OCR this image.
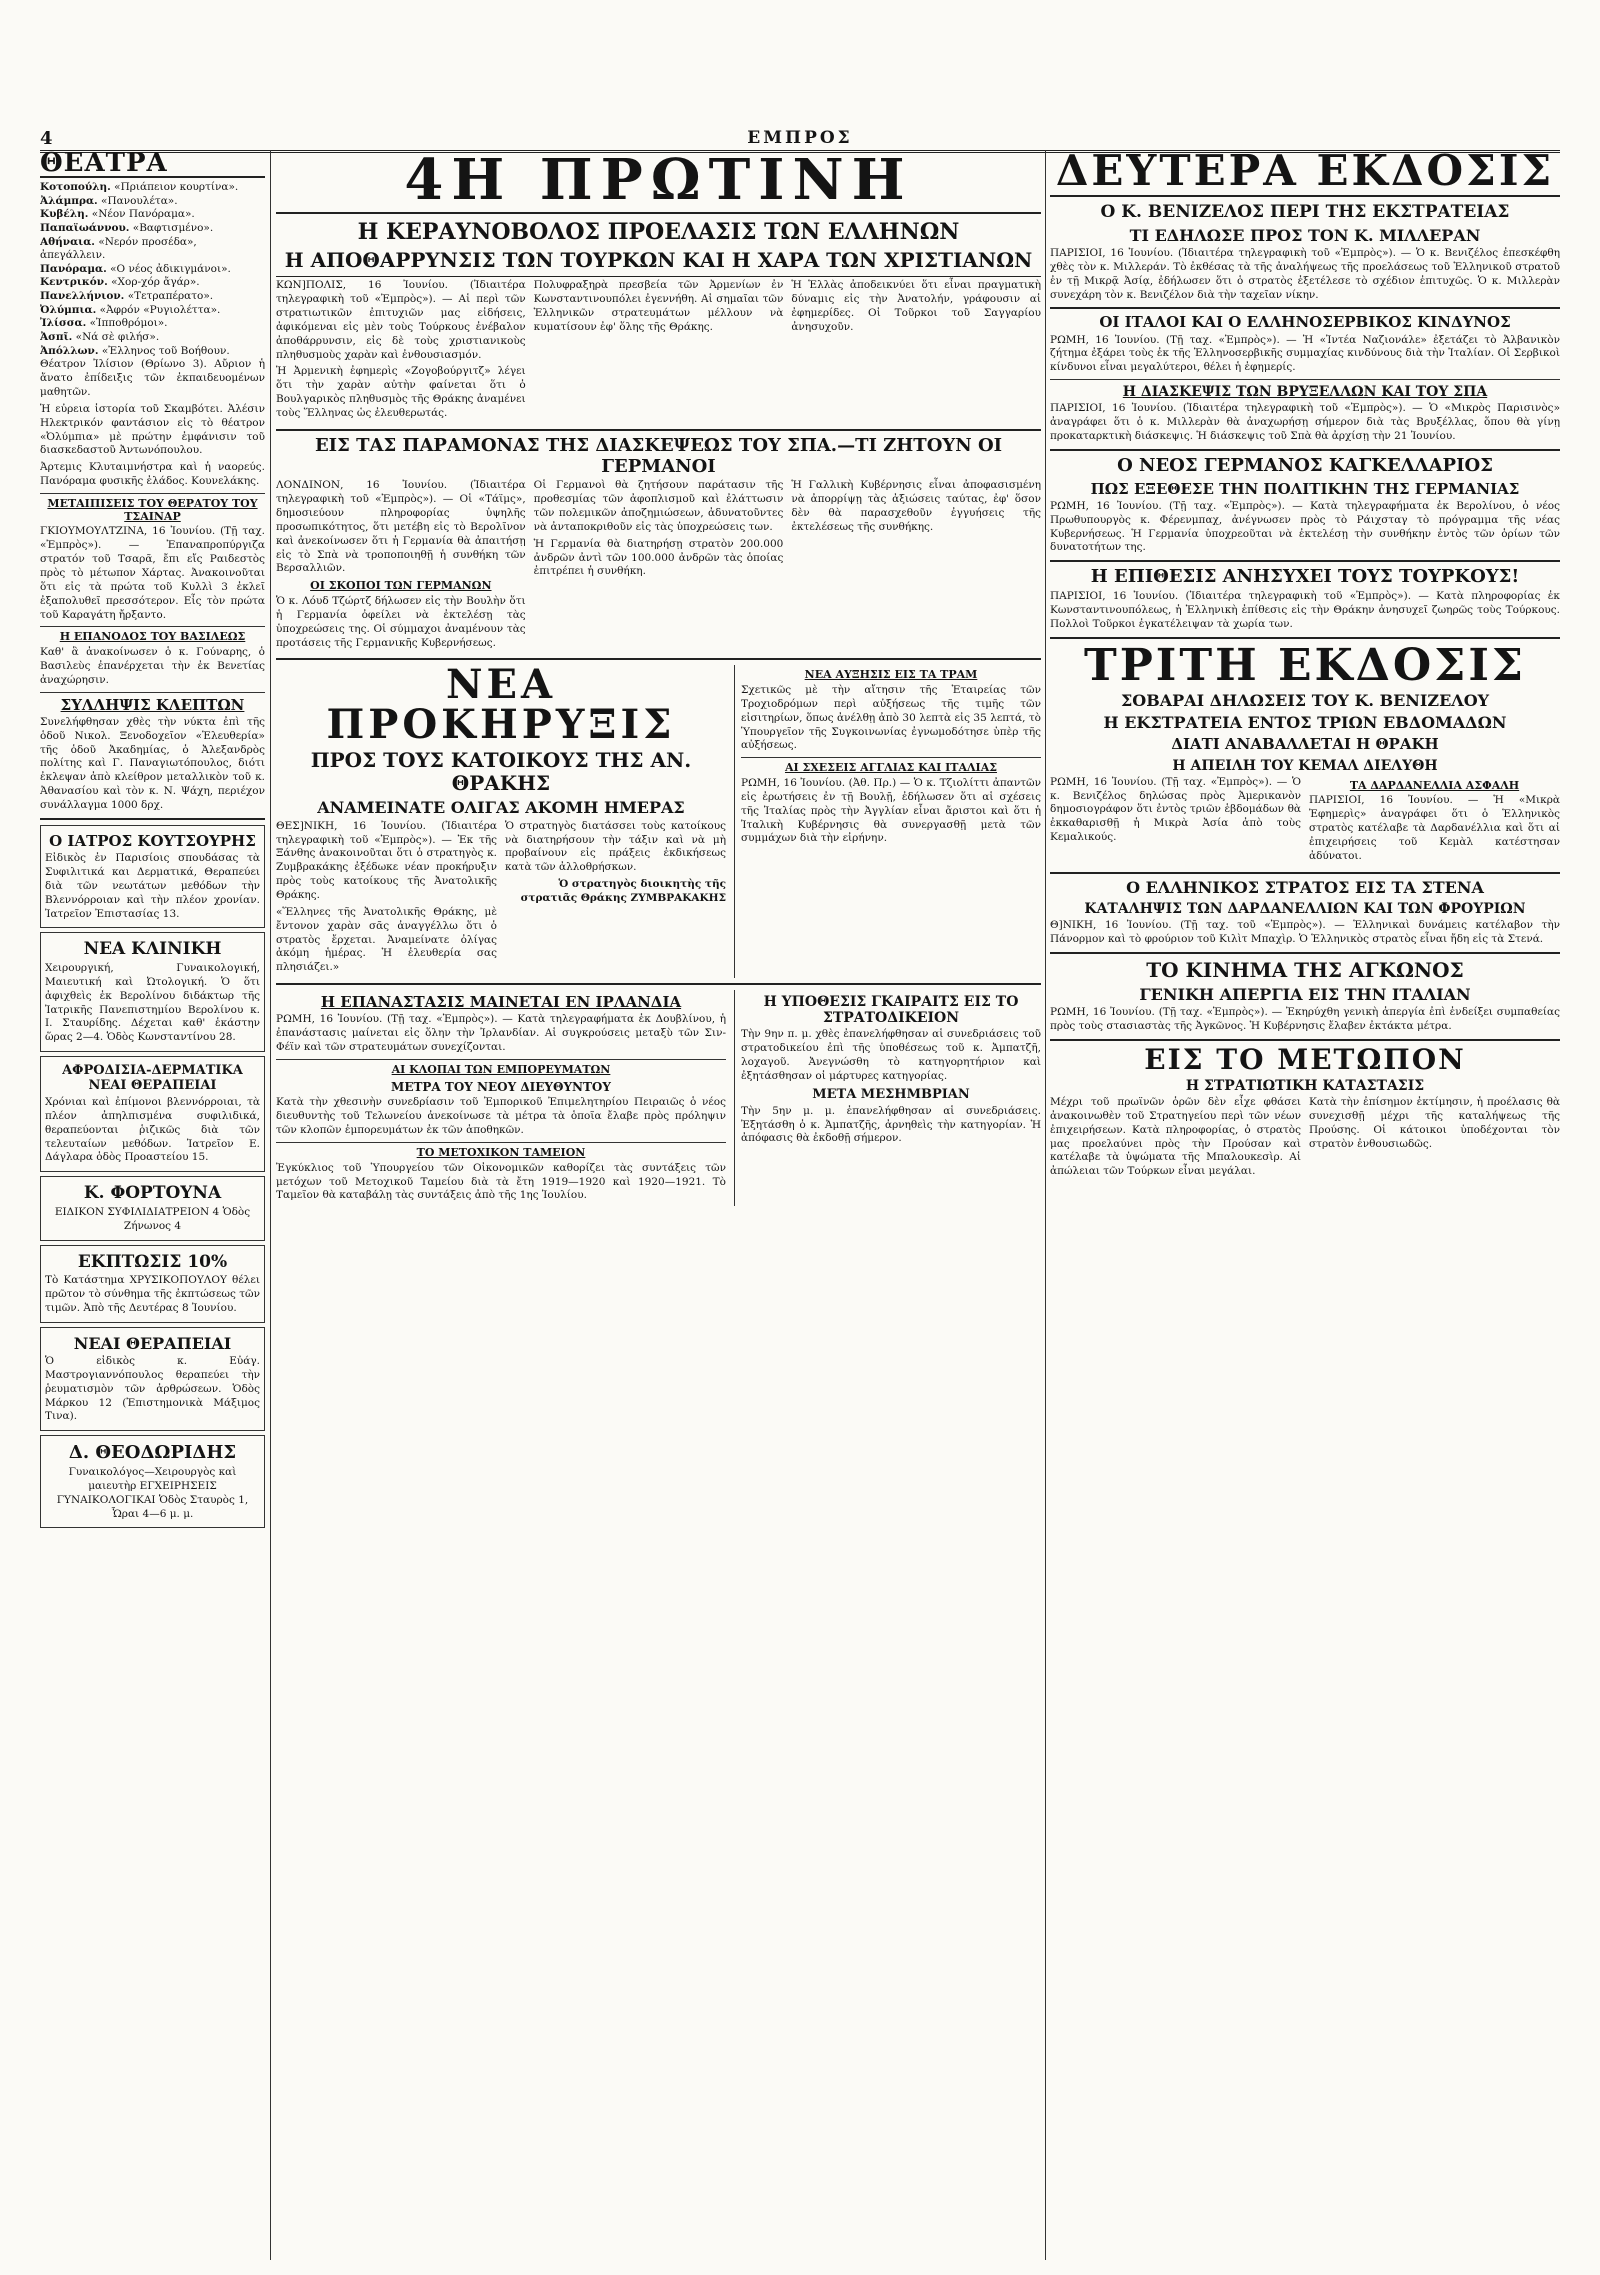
4	ΕΜΠΡΟΣ
ΘΕΑΤΡΑ
Κοτοπούλη. «Πριάπειον κουρτίνα».
Ἀλάμπρα. «Πανουλέτα».
Κυβέλη. «Νέον Πανόραμα».
Παπαϊωάννου. «Βαφτισμένο».
Αθήναια. «Νερόν προσέδα», ἀπεγάλλειν.
Πανόραμα. «Ο νέος ἀδικιγμάνοι».
Κεντρικόν. «Χορ-χόρ ἄγάρ».
Πανελλήνιον. «Τετραπέρατο».
Ὀλύμπια. «Ἀφρόν «Ρυγιολέττα».
Ἰλίσσα. «Ἰπποθρόμοι».
Ἀσπῖ. «Νά σὲ φιλήσ».
Ἀπόλλων. «Ἐλληνος τοῦ Βοήθουν.

Θέατρον Ἰλίσιον (Θρίωνο 3). Αὔριον ἡ ἄνατο ἐπίδειξις τῶν ἐκπαιδευομένων μαθητῶν.

Ἡ εὐρεια ἱστορία τοῦ Σκαμβότει. Ἀλέσιν Ηλεκτρικόν φαντάσιον εἰς τὸ θέατρον «Ὀλύμπια» μὲ πρώτην ἐμφάνισιν τοῦ διασκεδαστοῦ Ἀντωνόπουλου.

Ἀρτεμις Κλυταιμνήστρα καὶ ἡ ναορεύς. Πανόραμα φυσικῆς ἐλάδος. Κουνελάκης.

ΜΕΤΑΙΠΙΣΕΙΣ ΤΟΥ ΘΕΡΑΤΟΥ ΤΟΥ ΤΣΑΙΝΑΡ

ΓΚΙΟΥΜΟΥΛΤΖΙΝΑ, 16 Ἰουνίου. (Τῇ ταχ. «Ἐμπρὸς»). — Ἐπαναπροπύργιζα στρατόν τοῦ Τσαρᾶ, ἔπι εἴς Ραιδεστὸς πρὸς τὸ μέτωπον Χάρτας. Ἀνακοινοῦται ὅτι εἰς τὰ πρώτα τοῦ Κυλλὶ 3 ἐκλεῖ ἐξαπολυθεῖ πρεσσότερον. Εἶς τὸν πρώτα τοῦ Καραγάτη ἤρξαντο.

Η ΕΠΑΝΟΔΟΣ ΤΟΥ ΒΑΣΙΛΕΩΣ

Καθ' ἃ ἀνακοίνωσεν ὁ κ. Γούναρης, ὁ Βασιλεὺς ἐπανέρχεται τὴν ἐκ Βενετίας ἀναχώρησιν.

ΣΥΛΛΗΨΙΣ ΚΛΕΠΤΩΝ

Συνελήφθησαν χθὲς τὴν νύκτα ἐπὶ τῆς ὁδοῦ Νικολ. Ξενοδοχεῖον «Ἑλευθερία» τῆς ὁδοῦ Ἀκαδημίας, ὁ Ἀλεξανδρὸς πολίτης καὶ Γ. Παναγιωτόπουλος, διότι ἐκλεψαν ἀπὸ κλείθρον μεταλλικὸν τοῦ κ. Ἀθανασίου καὶ τὸν κ. Ν. Ψάχη, περιέχον συνάλλαγμα 1000 δρχ.

Ο ΙΑΤΡΟΣ ΚΟΥΤΣΟΥΡΗΣ

Εἰδικὸς ἐν Παρισίοις σπουδάσας τὰ Συφιλιτικά και Δερματικά, Θεραπεύει διὰ τῶν νεωτάτων μεθόδων τὴν Βλεννόρροιαν καὶ τὴν πλέον χρονίαν. Ἰατρεῖον Ἐπιστασίας 13.

ΝΕΑ ΚΛΙΝΙΚΗ

Χειρουργική, Γυναικολογική, Μαιευτική καὶ Ὠτολογική. Ὁ ὅτι ἀφιχθεὶς ἐκ Βερολίνου διδάκτωρ τῆς Ἰατρικῆς Πανεπιστημίου Βερολίνου κ. Ι. Σταυρίδης. Δέχεται καθ' ἑκάστην ὥρας 2—4. Ὁδὸς Κωνσταντίνου 28.

ΑΦΡΟΔΙΣΙΑ-ΔΕΡΜΑΤΙΚΑ ΝΕΑΙ ΘΕΡΑΠΕΙΑΙ

Χρόνιαι καὶ ἐπίμονοι βλεννόρροιαι, τὰ πλέον ἀπηλπισμένα συφιλιδικά, θεραπεύονται ῥιζικῶς διὰ τῶν τελευταίων μεθόδων. Ἰατρεῖον Ε. Δάγλαρα ὁδὸς Προαστείου 15.

Κ. ΦΟΡΤΟΥΝΑ

ΕΙΔΙΚΟΝ ΣΥΦΙΛΙΔΙΑΤΡΕΙΟΝ 4 Ὁδὸς Ζήνωνος 4

ΕΚΠΤΩΣΙΣ 10%

Τὸ Κατάστημα ΧΡΥΣΙΚΟΠΟΥΛΟΥ θέλει πρῶτον τὸ σύνθημα τῆς ἐκπτώσεως τῶν τιμῶν. Ἀπὸ τῆς Δευτέρας 8 Ἰουνίου.

ΝΕΑΙ ΘΕΡΑΠΕΙΑΙ

Ὁ εἰδικὸς κ. Εὐάγ. Μαστρογιαννόπουλος θεραπεύει τὴν ῥευματισμὸν τῶν ἀρθρώσεων. Ὁδὸς Μάρκου 12 (Ἐπιστημονικὰ Μάξιμος Τινα).

Δ. ΘΕΟΔΩΡΙΔΗΣ

Γυναικολόγος—Χειρουργὸς καὶ μαιευτὴρ ΕΓΧΕΙΡΗΣΕΙΣ ΓΥΝΑΙΚΟΛΟΓΙΚΑΙ Ὁδὸς Σταυρὸς 1, Ὧραι 4—6 μ. μ.

4Η ΠΡΩΤΙΝΗ
Η ΚΕΡΑΥΝΟΒΟΛΟΣ ΠΡΟΕΛΑΣΙΣ ΤΩΝ ΕΛΛΗΝΩΝ
Η ΑΠΟΘΑΡΡΥΝΣΙΣ ΤΩΝ ΤΟΥΡΚΩΝ ΚΑΙ Η ΧΑΡΑ ΤΩΝ ΧΡΙΣΤΙΑΝΩΝ

ΚΩΝ]ΠΟΛΙΣ, 16 Ἰουνίου. (Ἰδιαιτέρα τηλεγραφικὴ τοῦ «Ἐμπρὸς»). — Αἱ περὶ τῶν στρατιωτικῶν ἐπιτυχιῶν μας εἰδήσεις, ἀφικόμεναι εἰς μὲν τοὺς Τούρκους ἐνέβαλον ἀποθάρρυνσιν, εἰς δὲ τοὺς χριστιανικοὺς πληθυσμοὺς χαρὰν καὶ ἐνθουσιασμόν.

Ἡ Ἀρμενικὴ ἐφημερὶς «Ζογοβούργιτζ» λέγει ὅτι τὴν χαρὰν αὐτὴν φαίνεται ὅτι ὁ Βουλγαρικὸς πληθυσμὸς τῆς Θράκης ἀναμένει τοὺς Ἕλληνας ὡς ἐλευθερωτάς.

Πολυφραξηρὰ πρεσβεία τῶν Ἀρμενίων ἐν Κωνσταντινουπόλει ἐγεννήθη. Αἱ σημαῖαι τῶν Ἑλληνικῶν στρατευμάτων μέλλουν νὰ κυματίσουν ἐφ' ὅλης τῆς Θράκης.

Ἡ Ἑλλὰς ἀποδεικνύει ὅτι εἶναι πραγματικὴ δύναμις εἰς τὴν Ἀνατολήν, γράφουσιν αἱ ἐφημερίδες. Οἱ Τοῦρκοι τοῦ Σαγγαρίου ἀνησυχοῦν.

ΕΙΣ ΤΑΣ ΠΑΡΑΜΟΝΑΣ ΤΗΣ ΔΙΑΣΚΕΨΕΩΣ ΤΟΥ ΣΠΑ.—ΤΙ ΖΗΤΟΥΝ ΟΙ ΓΕΡΜΑΝΟΙ

ΛΟΝΔΙΝΟΝ, 16 Ἰουνίου. (Ἰδιαιτέρα τηλεγραφικὴ τοῦ «Ἐμπρὸς»). — Οἱ «Τάϊμς», δημοσιεύουν πληροφορίας ὑψηλῆς προσωπικότητος, ὅτι μετέβη εἰς τὸ Βερολῖνον καὶ ἀνεκοίνωσεν ὅτι ἡ Γερμανία θὰ ἀπαιτήσῃ εἰς τὸ Σπὰ νὰ τροποποιηθῇ ἡ συνθήκη τῶν Βερσαλλιῶν.

ΟΙ ΣΚΟΠΟΙ ΤΩΝ ΓΕΡΜΑΝΩΝ

Ὁ κ. Λόυδ Τζώρτζ δήλωσεν εἰς τὴν Βουλὴν ὅτι ἡ Γερμανία ὀφείλει νὰ ἐκτελέσῃ τὰς ὑποχρεώσεις της. Οἱ σύμμαχοι ἀναμένουν τὰς προτάσεις τῆς Γερμανικῆς Κυβερνήσεως.

Οἱ Γερμανοὶ θὰ ζητήσουν παράτασιν τῆς προθεσμίας τῶν ἀφοπλισμοῦ καὶ ἐλάττωσιν τῶν πολεμικῶν ἀποζημιώσεων, ἀδυνατοῦντες νὰ ἀνταποκριθοῦν εἰς τὰς ὑποχρεώσεις των.

Ἡ Γερμανία θὰ διατηρήσῃ στρατὸν 200.000 ἀνδρῶν ἀντὶ τῶν 100.000 ἀνδρῶν τὰς ὁποίας ἐπιτρέπει ἡ συνθήκη.

Ἡ Γαλλικὴ Κυβέρνησις εἶναι ἀποφασισμένη νὰ ἀπορρίψῃ τὰς ἀξιώσεις ταύτας, ἐφ' ὅσον δὲν θὰ παρασχεθοῦν ἐγγυήσεις τῆς ἐκτελέσεως τῆς συνθήκης.

ΝΕΑ ΠΡΟΚΗΡΥΞΙΣ
ΠΡΟΣ ΤΟΥΣ ΚΑΤΟΙΚΟΥΣ ΤΗΣ ΑΝ. ΘΡΑΚΗΣ
ΑΝΑΜΕΙΝΑΤΕ ΟΛΙΓΑΣ ΑΚΟΜΗ ΗΜΕΡΑΣ

ΘΕΣ]ΝΙΚΗ, 16 Ἰουνίου. (Ἰδιαιτέρα τηλεγραφικὴ τοῦ «Ἐμπρὸς»). — Ἐκ τῆς Ξάνθης ἀνακοινοῦται ὅτι ὁ στρατηγὸς κ. Ζυμβρακάκης ἐξέδωκε νέαν προκήρυξιν πρὸς τοὺς κατοίκους τῆς Ἀνατολικῆς Θράκης.

«Ἕλληνες τῆς Ἀνατολικῆς Θράκης, μὲ ἔντονον χαρὰν σᾶς ἀναγγέλλω ὅτι ὁ στρατὸς ἔρχεται. Ἀναμείνατε ὀλίγας ἀκόμη ἡμέρας. Ἡ ἐλευθερία σας πλησιάζει.»

Ὁ στρατηγὸς διατάσσει τοὺς κατοίκους νὰ διατηρήσουν τὴν τάξιν καὶ νὰ μὴ προβαίνουν εἰς πράξεις ἐκδικήσεως κατὰ τῶν ἀλλοθρήσκων.

Ὁ στρατηγὸς διοικητὴς τῆς στρατιᾶς Θράκης ΖΥΜΒΡΑΚΑΚΗΣ

ΝΕΑ ΑΥΞΗΣΙΣ ΕΙΣ ΤΑ ΤΡΑΜ

Σχετικῶς μὲ τὴν αἴτησιν τῆς Ἑταιρείας τῶν Τροχιοδρόμων περὶ αὐξήσεως τῆς τιμῆς τῶν εἰσιτηρίων, ὅπως ἀνέλθῃ ἀπὸ 30 λεπτὰ εἰς 35 λεπτά, τὸ Ὑπουργεῖον τῆς Συγκοινωνίας ἐγνωμοδότησε ὑπὲρ τῆς αὐξήσεως.

ΑΙ ΣΧΕΣΕΙΣ ΑΓΓΛΙΑΣ ΚΑΙ ΙΤΑΛΙΑΣ

ΡΩΜΗ, 16 Ἰουνίου. (Ἀθ. Πρ.) — Ὁ κ. Τζιολίττι ἀπαντῶν εἰς ἐρωτήσεις ἐν τῇ Βουλῇ, ἐδήλωσεν ὅτι αἱ σχέσεις τῆς Ἰταλίας πρὸς τὴν Ἀγγλίαν εἶναι ἄριστοι καὶ ὅτι ἡ Ἰταλικὴ Κυβέρνησις θὰ συνεργασθῇ μετὰ τῶν συμμάχων διὰ τὴν εἰρήνην.

Η ΕΠΑΝΑΣΤΑΣΙΣ ΜΑΙΝΕΤΑΙ ΕΝ ΙΡΛΑΝΔΙΑ

ΡΩΜΗ, 16 Ἰουνίου. (Τῇ ταχ. «Ἐμπρὸς»). — Κατὰ τηλεγραφήματα ἐκ Δουβλίνου, ἡ ἐπανάστασις μαίνεται εἰς ὅλην τὴν Ἰρλανδίαν. Αἱ συγκρούσεις μεταξὺ τῶν Σιν-Φέϊν καὶ τῶν στρατευμάτων συνεχίζονται.

ΑΙ ΚΛΟΠΑΙ ΤΩΝ ΕΜΠΟΡΕΥΜΑΤΩΝ
ΜΕΤΡΑ ΤΟΥ ΝΕΟΥ ΔΙΕΥΘΥΝΤΟΥ

Κατὰ τὴν χθεσινὴν συνεδρίασιν τοῦ Ἐμπορικοῦ Ἐπιμελητηρίου Πειραιῶς ὁ νέος διευθυντὴς τοῦ Τελωνείου ἀνεκοίνωσε τὰ μέτρα τὰ ὁποῖα ἔλαβε πρὸς πρόληψιν τῶν κλοπῶν ἐμπορευμάτων ἐκ τῶν ἀποθηκῶν.

ΤΟ ΜΕΤΟΧΙΚΟΝ ΤΑΜΕΙΟΝ

Ἐγκύκλιος τοῦ Ὑπουργείου τῶν Οἰκονομικῶν καθορίζει τὰς συντάξεις τῶν μετόχων τοῦ Μετοχικοῦ Ταμείου διὰ τὰ ἔτη 1919—1920 καὶ 1920—1921. Τὸ Ταμεῖον θὰ καταβάλῃ τὰς συντάξεις ἀπὸ τῆς 1ης Ἰουλίου.

Η ΥΠΟΘΕΣΙΣ ΓΚΑΙΡΑΙΤΣ ΕΙΣ ΤΟ ΣΤΡΑΤΟΔΙΚΕΙΟΝ

Τὴν 9ην π. μ. χθὲς ἐπανελήφθησαν αἱ συνεδριάσεις τοῦ στρατοδικείου ἐπὶ τῆς ὑποθέσεως τοῦ κ. Ἀμπατζῆ, λοχαγοῦ. Ἀνεγνώσθη τὸ κατηγορητήριον καὶ ἐξητάσθησαν οἱ μάρτυρες κατηγορίας.

ΜΕΤΑ ΜΕΣΗΜΒΡΙΑΝ

Τὴν 5ην μ. μ. ἐπανελήφθησαν αἱ συνεδριάσεις. Ἐξητάσθη ὁ κ. Ἀμπατζῆς, ἀρνηθεὶς τὴν κατηγορίαν. Ἡ ἀπόφασις θὰ ἐκδοθῇ σήμερον.

ΔΕΥΤΕΡΑ ΕΚΔΟΣΙΣ
Ο Κ. ΒΕΝΙΖΕΛΟΣ ΠΕΡΙ ΤΗΣ ΕΚΣΤΡΑΤΕΙΑΣ
ΤΙ ΕΔΗΛΩΣΕ ΠΡΟΣ ΤΟΝ Κ. ΜΙΛΛΕΡΑΝ

ΠΑΡΙΣΙΟΙ, 16 Ἰουνίου. (Ἰδιαιτέρα τηλεγραφικὴ τοῦ «Ἐμπρὸς»). — Ὁ κ. Βενιζέλος ἐπεσκέφθη χθὲς τὸν κ. Μιλλεράν. Τὸ ἐκθέσας τὰ τῆς ἀναλήψεως τῆς προελάσεως τοῦ Ἑλληνικοῦ στρατοῦ ἐν τῇ Μικρᾷ Ἀσίᾳ, ἐδήλωσεν ὅτι ὁ στρατὸς ἐξετέλεσε τὸ σχέδιον ἐπιτυχῶς. Ὁ κ. Μιλλερὰν συνεχάρη τὸν κ. Βενιζέλον διὰ τὴν ταχεῖαν νίκην.

ΟΙ ΙΤΑΛΟΙ ΚΑΙ Ο ΕΛΛΗΝΟΣΕΡΒΙΚΟΣ ΚΙΝΔΥΝΟΣ

ΡΩΜΗ, 16 Ἰουνίου. (Τῇ ταχ. «Ἐμπρὸς»). — Ἡ «Ἰντέα Ναζιονάλε» ἐξετάζει τὸ Ἀλβανικὸν ζήτημα ἐξάρει τοὺς ἐκ τῆς Ἑλληνοσερβικῆς συμμαχίας κινδύνους διὰ τὴν Ἰταλίαν. Οἱ Σερβικοὶ κίνδυνοι εἶναι μεγαλύτεροι, θέλει ἡ ἐφημερίς.

Η ΔΙΑΣΚΕΨΙΣ ΤΩΝ ΒΡΥΞΕΛΛΩΝ ΚΑΙ ΤΟΥ ΣΠΑ

ΠΑΡΙΣΙΟΙ, 16 Ἰουνίου. (Ἰδιαιτέρα τηλεγραφικὴ τοῦ «Ἐμπρὸς»). — Ὁ «Μικρὸς Παρισινὸς» ἀναγράφει ὅτι ὁ κ. Μιλλερὰν θὰ ἀναχωρήσῃ σήμερον διὰ τὰς Βρυξέλλας, ὅπου θὰ γίνῃ προκαταρκτικὴ διάσκεψις. Ἡ διάσκεψις τοῦ Σπὰ θὰ ἀρχίσῃ τὴν 21 Ἰουνίου.

Ο ΝΕΟΣ ΓΕΡΜΑΝΟΣ ΚΑΓΚΕΛΛΑΡΙΟΣ
ΠΩΣ ΕΞΕΘΕΣΕ ΤΗΝ ΠΟΛΙΤΙΚΗΝ ΤΗΣ ΓΕΡΜΑΝΙΑΣ

ΡΩΜΗ, 16 Ἰουνίου. (Τῇ ταχ. «Ἐμπρὸς»). — Κατὰ τηλεγραφήματα ἐκ Βερολίνου, ὁ νέος Πρωθυπουργὸς κ. Φέρενμπαχ, ἀνέγνωσεν πρὸς τὸ Ράιχσταγ τὸ πρόγραμμα τῆς νέας Κυβερνήσεως. Ἡ Γερμανία ὑποχρεοῦται νὰ ἐκτελέσῃ τὴν συνθήκην ἐντὸς τῶν ὁρίων τῶν δυνατοτήτων της.

Η ΕΠΙΘΕΣΙΣ ΑΝΗΣΥΧΕΙ ΤΟΥΣ ΤΟΥΡΚΟΥΣ!

ΠΑΡΙΣΙΟΙ, 16 Ἰουνίου. (Ἰδιαιτέρα τηλεγραφικὴ τοῦ «Ἐμπρὸς»). — Κατὰ πληροφορίας ἐκ Κωνσταντινουπόλεως, ἡ Ἑλληνικὴ ἐπίθεσις εἰς τὴν Θράκην ἀνησυχεῖ ζωηρῶς τοὺς Τούρκους. Πολλοὶ Τοῦρκοι ἐγκατέλειψαν τὰ χωρία των.

ΤΡΙΤΗ ΕΚΔΟΣΙΣ
ΣΟΒΑΡΑΙ ΔΗΛΩΣΕΙΣ ΤΟΥ Κ. ΒΕΝΙΖΕΛΟΥ
Η ΕΚΣΤΡΑΤΕΙΑ ΕΝΤΟΣ ΤΡΙΩΝ ΕΒΔΟΜΑΔΩΝ
ΔΙΑΤΙ ΑΝΑΒΑΛΛΕΤΑΙ Η ΘΡΑΚΗ
Η ΑΠΕΙΛΗ ΤΟΥ ΚΕΜΑΛ ΔΙΕΛΥΘΗ

ΡΩΜΗ, 16 Ἰουνίου. (Τῇ ταχ. «Ἐμπρὸς»). — Ὁ κ. Βενιζέλος δηλώσας πρὸς Ἀμερικανὸν δημοσιογράφον ὅτι ἐντὸς τριῶν ἑβδομάδων θὰ ἐκκαθαρισθῇ ἡ Μικρὰ Ἀσία ἀπὸ τοὺς Κεμαλικούς.

ΤΑ ΔΑΡΔΑΝΕΛΛΙΑ ΑΣΦΑΛΗ

ΠΑΡΙΣΙΟΙ, 16 Ἰουνίου. — Ἡ «Μικρὰ Ἐφημερὶς» ἀναγράφει ὅτι ὁ Ἑλληνικὸς στρατὸς κατέλαβε τὰ Δαρδανέλλια καὶ ὅτι αἱ ἐπιχειρήσεις τοῦ Κεμὰλ κατέστησαν ἀδύνατοι.

Ο ΕΛΛΗΝΙΚΟΣ ΣΤΡΑΤΟΣ ΕΙΣ ΤΑ ΣΤΕΝΑ
ΚΑΤΑΛΗΨΙΣ ΤΩΝ ΔΑΡΔΑΝΕΛΛΙΩΝ ΚΑΙ ΤΩΝ ΦΡΟΥΡΙΩΝ

Θ]ΝΙΚΗ, 16 Ἰουνίου. (Τῇ ταχ. τοῦ «Ἐμπρὸς»). — Ἑλληνικαὶ δυνάμεις κατέλαβον τὴν Πάνορμον καὶ τὸ φρούριον τοῦ Κιλὶτ Μπαχὶρ. Ὁ Ἑλληνικὸς στρατὸς εἶναι ἤδη εἰς τὰ Στενά.

ΤΟ ΚΙΝΗΜΑ ΤΗΣ ΑΓΚΩΝΟΣ
ΓΕΝΙΚΗ ΑΠΕΡΓΙΑ ΕΙΣ ΤΗΝ ΙΤΑΛΙΑΝ

ΡΩΜΗ, 16 Ἰουνίου. (Τῇ ταχ. «Ἐμπρὸς»). — Ἐκηρύχθη γενικὴ ἀπεργία ἐπὶ ἐνδείξει συμπαθείας πρὸς τοὺς στασιαστὰς τῆς Ἀγκῶνος. Ἡ Κυβέρνησις ἔλαβεν ἐκτάκτα μέτρα.

ΕΙΣ ΤΟ ΜΕΤΩΠΟΝ
Η ΣΤΡΑΤΙΩΤΙΚΗ ΚΑΤΑΣΤΑΣΙΣ

Μέχρι τοῦ πρωϊνῶν ὁρῶν δὲν εἶχε φθάσει ἀνακοινωθὲν τοῦ Στρατηγείου περὶ τῶν νέων ἐπιχειρήσεων. Κατὰ πληροφορίας, ὁ στρατὸς μας προελαύνει πρὸς τὴν Προύσαν καὶ κατέλαβε τὰ ὑψώματα τῆς Μπαλουκεσὶρ. Αἱ ἀπώλειαι τῶν Τούρκων εἶναι μεγάλαι.

Κατὰ τὴν ἐπίσημον ἐκτίμησιν, ἡ προέλασις θὰ συνεχισθῇ μέχρι τῆς καταλήψεως τῆς Προύσης. Οἱ κάτοικοι ὑποδέχονται τὸν στρατὸν ἐνθουσιωδῶς.
